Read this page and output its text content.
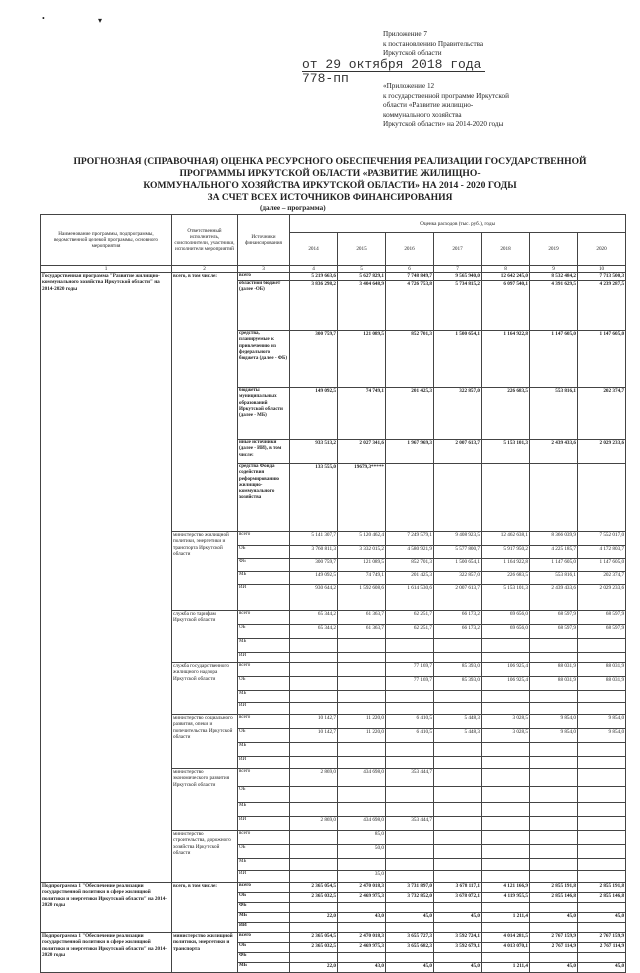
•	▾
Приложение 7
к постановлению Правительства
Иркутской области
от 29 октября 2018 года
778-пп	«Приложение 12
к государственной программе Иркутской
области «Развитие жилищно-
коммунального хозяйства
Иркутской области» на 2014-2020 годы
ПРОГНОЗНАЯ (СПРАВОЧНАЯ) ОЦЕНКА РЕСУРСНОГО ОБЕСПЕЧЕНИЯ РЕАЛИЗАЦИИ ГОСУДАРСТВЕННОЙ
ПРОГРАММЫ ИРКУТСКОЙ ОБЛАСТИ «РАЗВИТИЕ ЖИЛИЩНО-
КОММУНАЛЬНОГО ХОЗЯЙСТВА ИРКУТСКОЙ ОБЛАСТИ» НА 2014 - 2020 ГОДЫ
ЗА СЧЕТ ВСЕХ ИСТОЧНИКОВ ФИНАНСИРОВАНИЯ
(далее – программа)
Наименование программы, подпрограммы, ведомственной целевой программы, основного мероприятия	Ответственный исполнитель, соисполнители, участники, исполнители мероприятий	Источники финансирования	Оценка расходов (тыс. руб.), годы						
			2014	2015	2016	2017	2018	2019	2020
1	2	3	4	5	6	7	8	9	10
Государственная программа "Развитие жилищно-коммунального хозяйства Иркутской области" на 2014-2020 годы	всего, в том числе:	всего	5 219 663,6	5 627 829,1	7 748 849,7	9 565 940,0	12 642 245,0	8 532 484,2	7 713 500,3
		областной бюджет (далее -ОБ)	3 836 298,2	3 404 648,9	4 726 753,8	5 734 815,2	6 097 540,1	4 391 629,5	4 239 287,5
		средства, планируемые к привлечению из федерального бюджета (далее - ФБ)	300 759,7	121 089,5	852 701,3	1 500 654,1	1 164 922,8	1 147 605,0	1 147 605,0
		бюджеты муниципальных образований Иркутской области (далее - МБ)	149 092,5	74 749,1	201 425,3	322 857,0	226 683,5	553 816,1	202 374,7
		иные источники (далее - ИИ), в том числе:	933 513,2	2 027 341,6	1 967 969,3	2 007 613,7	5 153 101,3	2 439 433,6	2 029 233,6
		средства Фонда содействия реформированию жилищно-коммунального хозяйства	133 555,0	19679,3*****					
	министерство жилищной политики, энергетики и транспорта Иркутской области	всего	5 141 307,7	5 120 462,4	7 249 579,1	9 408 923,5	12 462 638,1	8 366 039,9	7 552 017,0
		ОБ	3 760 811,3	3 332 015,2	4 580 921,9	5 577 800,7	5 917 950,2	4 225 185,7	4 172 803,7
		ФБ	300 759,7	121 089,5	852 701,3	1 500 654,1	1 164 922,8	1 147 605,0	1 147 605,0
		МБ	149 092,5	74 749,1	201 425,3	322 857,0	226 683,5	553 816,1	202 374,7
		ИИ	930 644,2	1 592 608,6	1 614 530,6	2 007 613,7	5 153 101,3	2 439 433,6	2 029 233,6
	служба по тарифам Иркутской области	всего	65 344,2	61 363,7	62 251,7	66 173,2	69 656,0	68 597,9	68 597,9
		ОБ	65 344,2	61 363,7	62 251,7	66 173,2	69 656,0	68 597,9	68 597,9
		МБ							
		ИИ							
	служба государственного жилищного надзора Иркутской области	всего			77 169,7	85 393,0	106 925,4	88 031,9	88 031,9
		ОБ			77 169,7	85 393,0	106 925,4	88 031,9	88 031,9
		МБ							
		ИИ							
	министерство социального развития, опеки и попечительства Иркутской области	всего	10 142,7	11 220,0	6 410,5	5 448,3	3 028,5	9 854,0	9 854,0
		ОБ	10 142,7	11 220,0	6 410,5	5 448,3	3 028,5	9 854,0	9 854,0
		МБ							
		ИИ							
	министерство экономического развития Иркутской области	всего	2 869,0	434 698,0	353 444,7				
		ОБ							
		МБ							
		ИИ	2 869,0	434 698,0	353 444,7				
	министерство строительства, дорожного хозяйства Иркутской области	всего		85,0					
		ОБ		50,0					
		МБ							
		ИИ		35,0					
Подпрограмма 1 "Обеспечение реализации государственной политики в сфере жилищной политики и энергетики Иркутской области" на 2014-2020 годы	всего, в том числе:	всего	2 365 054,5	2 470 018,3	3 731 897,0	3 678 117,1	4 121 166,9	2 855 191,8	2 855 191,8
		ОБ	2 365 032,5	2 469 975,3	3 732 852,0	3 678 072,1	4 119 955,5	2 855 146,8	2 855 146,8
		ФБ							
		МБ	22,0	43,0	45,0	45,0	1 211,4	45,0	45,0
		ИИ							
Подпрограмма 1 "Обеспечение реализации государственной политики в сфере жилищной политики и энергетики Иркутской области" на 2014-2020 годы	министерство жилищной политики, энергетики и транспорта	всего	2 365 054,5	2 470 018,3	3 655 727,3	3 592 724,1	4 014 281,5	2 767 159,9	2 767 159,9
		ОБ	2 365 032,5	2 469 975,3	3 655 682,3	3 592 679,1	4 013 070,1	2 767 114,9	2 767 114,9
		ФБ							
		МБ	22,0	43,0	45,0	45,0	1 211,4	45,0	45,0
